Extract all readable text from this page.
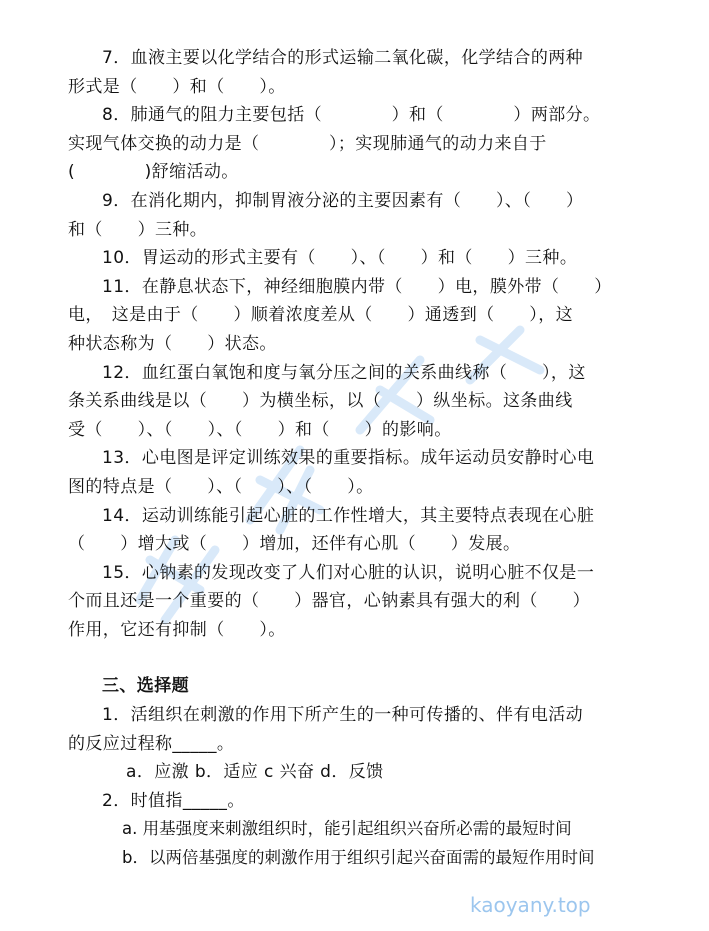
kaoyany.top
7．血液主要以化学结合的形式运输二氧化碳，化学结合的两种
形式是（　　）和（　　）。
8．肺通气的阻力主要包括（　　　　）和（　　　　）两部分。
实现气体交换的动力是（　　　　）；实现肺通气的动力来自于
(　　　　)舒缩活动。
9．在消化期内，抑制胃液分泌的主要因素有（　　）、（　　）
和（　　）三种。
10．胃运动的形式主要有（　　）、（　　）和（　　）三种。
11．在静息状态下，神经细胞膜内带（　　）电，膜外带（　　）
电，　这是由于（　　）顺着浓度差从（　　）通透到（　　），这
种状态称为（　　）状态。
12．血红蛋白氧饱和度与氧分压之间的关系曲线称（　　），这
条关系曲线是以（　　）为横坐标，以（　　）纵坐标。这条曲线
受（　　）、（　　）、（　　）和（　　）的影响。
13．心电图是评定训练效果的重要指标。成年运动员安静时心电
图的特点是（　　）、（　　）、（　　）。
14．运动训练能引起心脏的工作性增大，其主要特点表现在心脏
（　　）增大或（　　）增加，还伴有心肌（　　）发展。
15．心钠素的发现改变了人们对心脏的认识，说明心脏不仅是一
个而且还是一个重要的（　　）器官，心钠素具有强大的利（　　）
作用，它还有抑制（　　）。
三、选择题
1．活组织在刺激的作用下所产生的一种可传播的、伴有电活动
的反应过程称_____。
a．应激 b．适应 c 兴奋 d．反馈
2．时值指_____。
a. 用基强度来刺激组织时，能引起组织兴奋所必需的最短时间
b．以两倍基强度的刺激作用于组织引起兴奋面需的最短作用时间
